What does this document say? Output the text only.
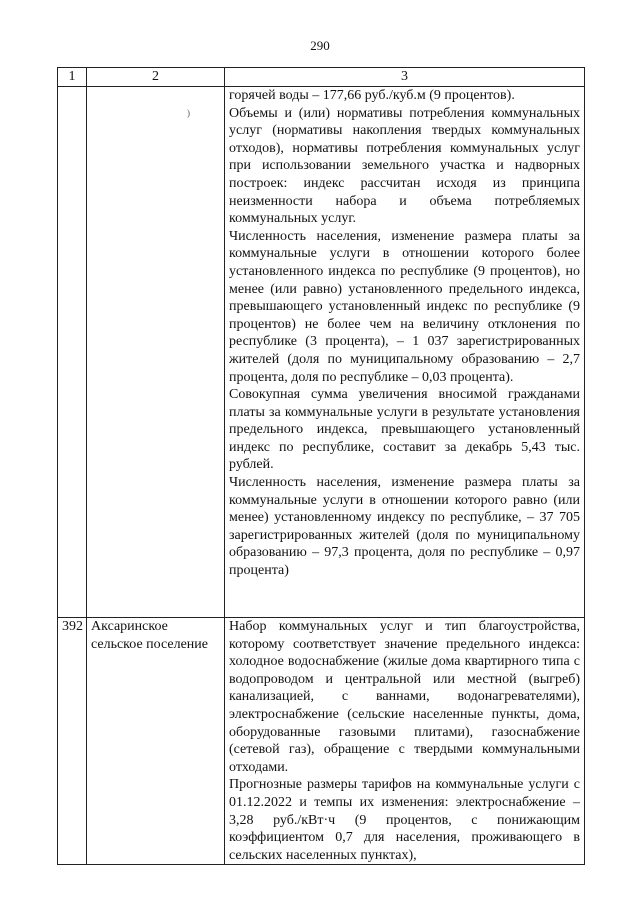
290
)
1	2	3

		горячей воды – 177,66 руб./куб.м (9 процентов).

Объемы и (или) нормативы потребления коммунальных услуг (нормативы накопления твердых коммунальных отходов), нормативы потребления коммунальных услуг при использовании земельного участка и надворных построек: индекс рассчитан исходя из принципа неизменности набора и объема потребляемых коммунальных услуг.

Численность населения, изменение размера платы за коммунальные услуги в отношении которого более установленного индекса по республике (9 процентов), но менее (или равно) установленного предельного индекса, превышающего установленный индекс по республике (9 процентов) не более чем на величину отклонения по республике (3 процента), – 1 037 зарегистрированных жителей (доля по муниципальному образованию – 2,7 процента, доля по республике – 0,03 процента).

Совокупная сумма увеличения вносимой гражданами платы за коммунальные услуги в результате установления предельного индекса, превышающего установленный индекс по республике, составит за декабрь 5,43 тыс. рублей.

Численность населения, изменение размера платы за коммунальные услуги в отношении которого равно (или менее) установленному индексу по республике, – 37 705 зарегистрированных жителей (доля по муниципальному образованию – 97,3 процента, доля по республике – 0,97 процента)

392	Аксаринское сельское поселение	Набор коммунальных услуг и тип благоустройства, которому соответствует значение предельного индекса: холодное водоснабжение (жилые дома квартирного типа с водопроводом и центральной или местной (выгреб) канализацией, с ваннами, водонагревателями), электроснабжение (сельские населенные пункты, дома, оборудованные газовыми плитами), газоснабжение (сетевой газ), обращение с твердыми коммунальными отходами.

Прогнозные размеры тарифов на коммунальные услуги с 01.12.2022 и темпы их изменения: электроснабжение – 3,28 руб./кВт·ч (9 процентов, с понижающим коэффициентом 0,7 для населения, проживающего в сельских населенных пунктах),
